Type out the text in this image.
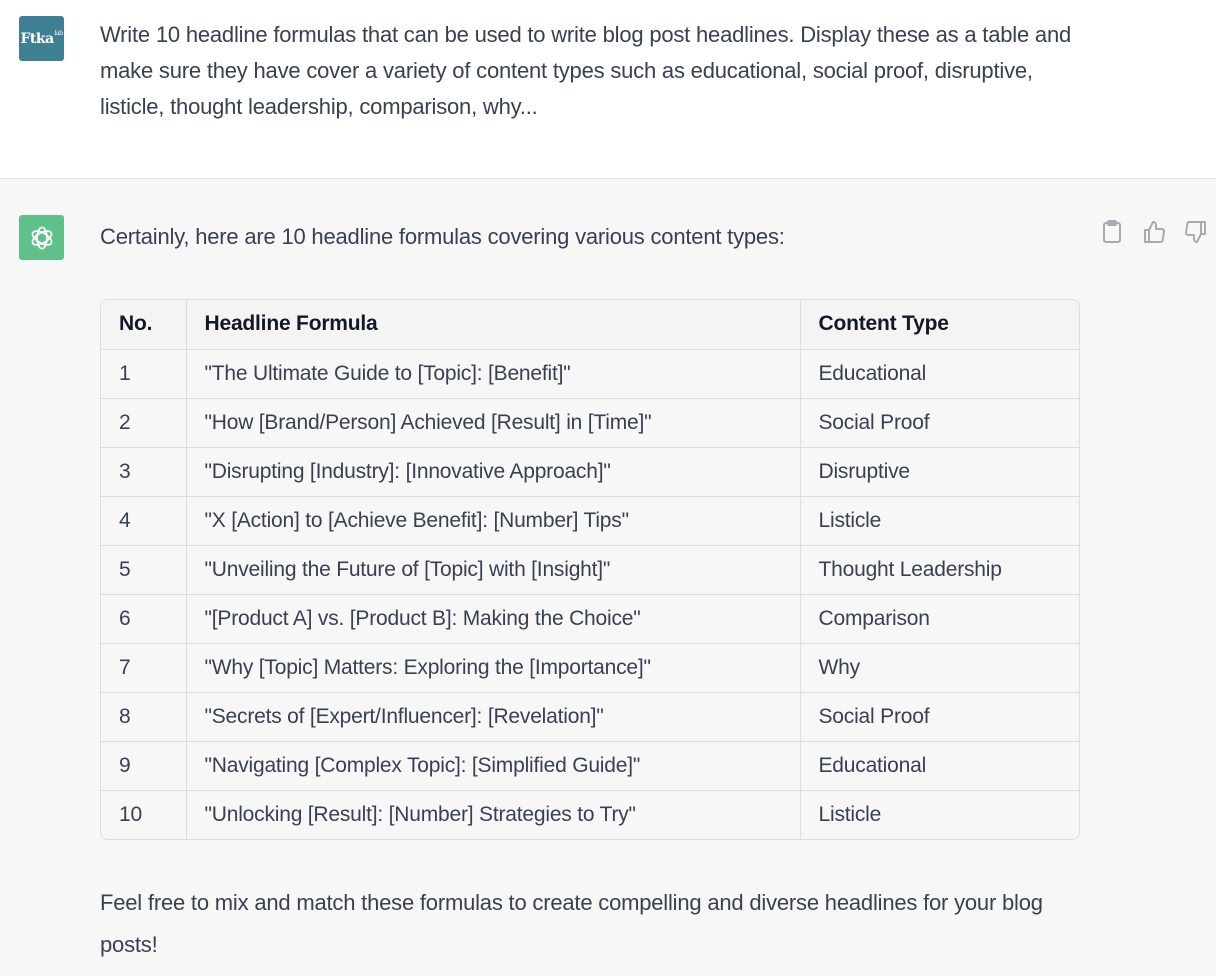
Ftka$^{lab}$ Write 10 headline formulas that can be used to write blog post headlines. Display these as a table and make sure they have cover a variety of content types such as educational, social proof, disruptive, listicle, thought leadership, comparison, why...
Certainly, here are 10 headline formulas covering various content types:
No.	Headline Formula	Content Type
1	"The Ultimate Guide to [Topic]: [Benefit]"	Educational
2	"How [Brand/Person] Achieved [Result] in [Time]"	Social Proof
3	"Disrupting [Industry]: [Innovative Approach]"	Disruptive
4	"X [Action] to [Achieve Benefit]: [Number] Tips"	Listicle
5	"Unveiling the Future of [Topic] with [Insight]"	Thought Leadership
6	"[Product A] vs. [Product B]: Making the Choice"	Comparison
7	"Why [Topic] Matters: Exploring the [Importance]"	Why
8	"Secrets of [Expert/Influencer]: [Revelation]"	Social Proof
9	"Navigating [Complex Topic]: [Simplified Guide]"	Educational
10	"Unlocking [Result]: [Number] Strategies to Try"	Listicle
Feel free to mix and match these formulas to create compelling and diverse headlines for your blog posts!
